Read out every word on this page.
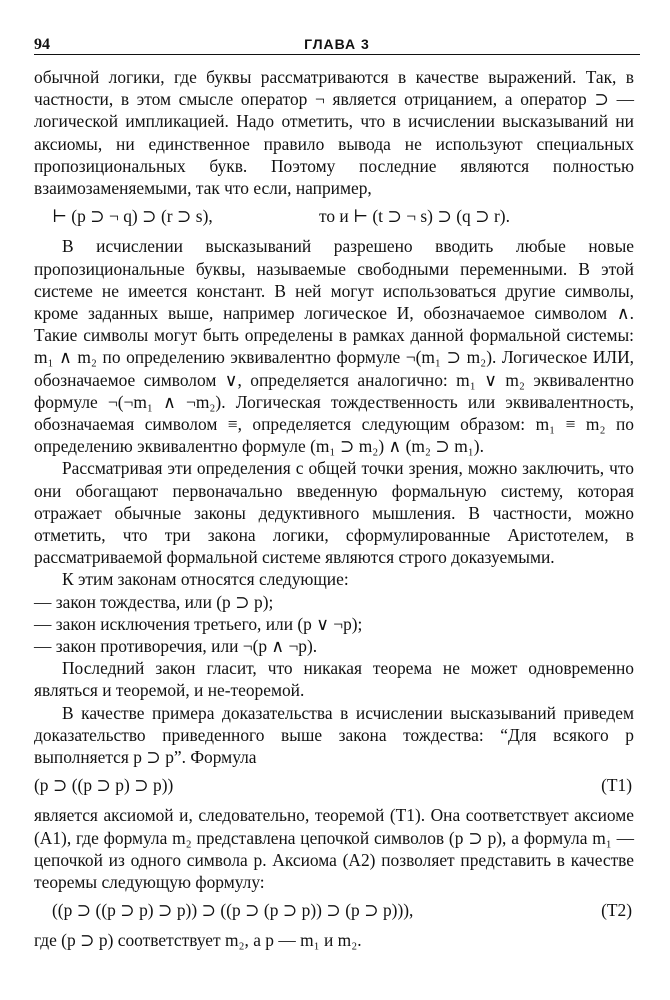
94	ГЛАВА 3

обычной логики, где буквы рассматриваются в качестве выражений. Так, в частности, в этом смысле оператор ¬ является отрицанием, а оператор ⊃ — логической импликацией. Надо отметить, что в исчислении высказываний ни аксиомы, ни единственное правило вывода не используют специальных пропозициональных букв. Поэтому последние являются полностью взаимозаменяемыми, так что если, например,

⊢ (p ⊃ ¬ q) ⊃ (r ⊃ s),	то и ⊢ (t ⊃ ¬ s) ⊃ (q ⊃ r).

В исчислении высказываний разрешено вводить любые новые пропозициональные буквы, называемые свободными переменными. В этой системе не имеется констант. В ней могут использоваться другие символы, кроме заданных выше, например логическое И, обозначаемое символом ∧. Такие символы могут быть определены в рамках данной формальной системы: m₁ ∧ m₂ по определению эквивалентно формуле ¬(m₁ ⊃ m₂). Логическое ИЛИ, обозначаемое символом ∨, определяется аналогично: m₁ ∨ m₂ эквивалентно формуле ¬(¬m₁ ∧ ¬m₂). Логическая тождественность или эквивалентность, обозначаемая символом ≡, определяется следующим образом: m₁ ≡ m₂ по определению эквивалентно формуле (m₁ ⊃ m₂) ∧ (m₂ ⊃ m₁).

Рассматривая эти определения с общей точки зрения, можно заключить, что они обогащают первоначально введенную формальную систему, которая отражает обычные законы дедуктивного мышления. В частности, можно отметить, что три закона логики, сформулированные Аристотелем, в рассматриваемой формальной системе являются строго доказуемыми.

К этим законам относятся следующие:

— закон тождества, или (p ⊃ p);

— закон исключения третьего, или (p ∨ ¬p);

— закон противоречия, или ¬(p ∧ ¬p).

Последний закон гласит, что никакая теорема не может одновременно являться и теоремой, и не-теоремой.

В качестве примера доказательства в исчислении высказываний приведем доказательство приведенного выше закона тождества: “Для всякого p выполняется p ⊃ p”. Формула

(p ⊃ ((p ⊃ p) ⊃ p))	(T1)

является аксиомой и, следовательно, теоремой (T1). Она соответствует аксиоме (A1), где формула m₂ представлена цепочкой символов (p ⊃ p), а формула m₁ — цепочкой из одного символа p. Аксиома (A2) позволяет представить в качестве теоремы следующую формулу:

((p ⊃ ((p ⊃ p) ⊃ p)) ⊃ ((p ⊃ (p ⊃ p)) ⊃ (p ⊃ p))),	(T2)

где (p ⊃ p) соответствует m₂, а p — m₁ и m₂.
